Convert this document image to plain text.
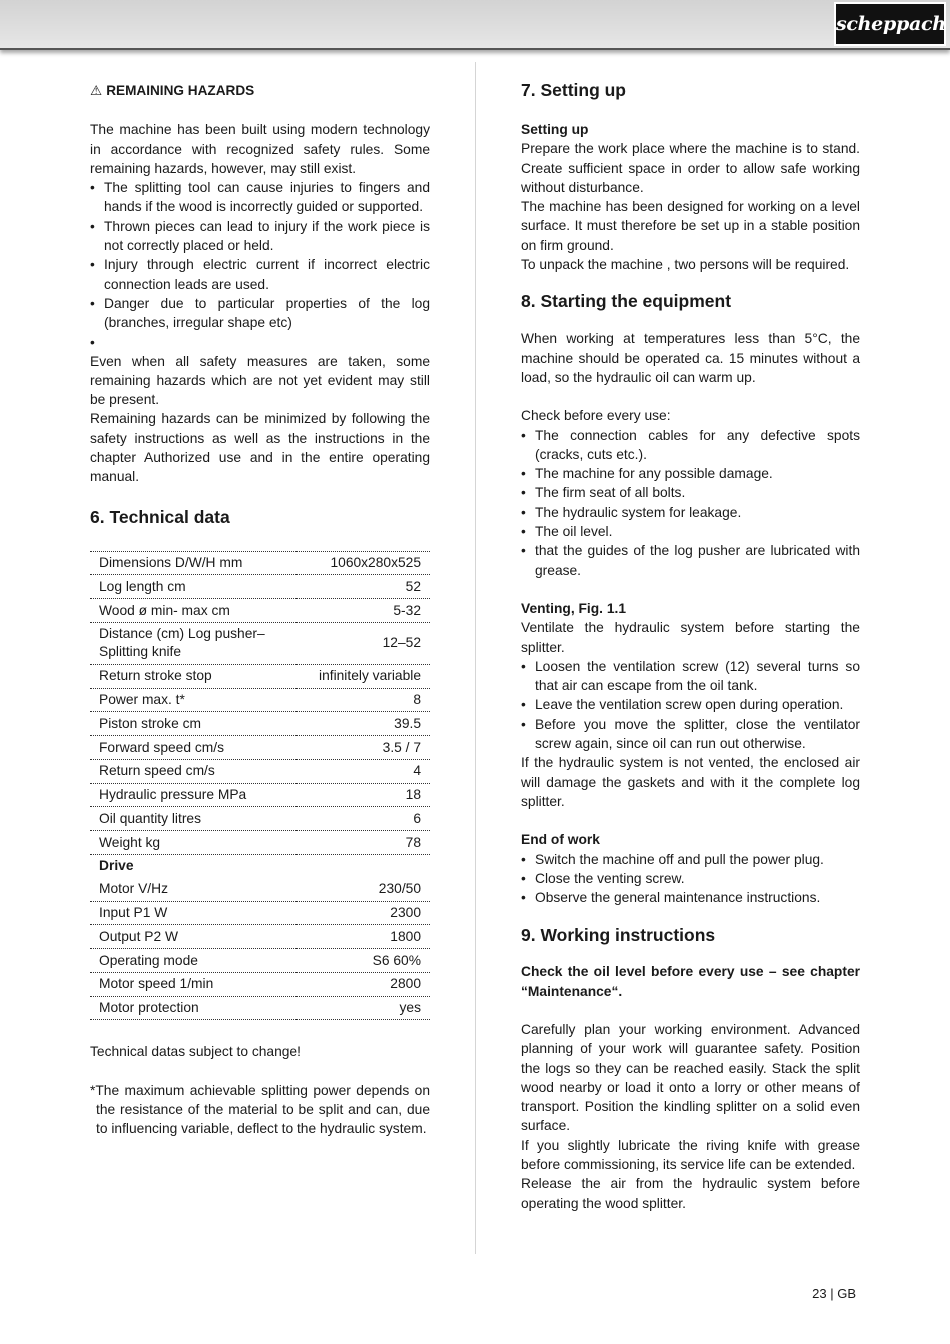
scheppach

⚠ REMAINING HAZARDS

The machine has been built using modern technology in accordance with recognized safety rules. Some remaining hazards, however, may still exist.

• The splitting tool can cause injuries to fingers and hands if the wood is incorrectly guided or supported.
• Thrown pieces can lead to injury if the work piece is not correctly placed or held.
• Injury through electric current if incorrect electric connection leads are used.
• Danger due to particular properties of the log (branches, irregular shape etc)
•

Even when all safety measures are taken, some remaining hazards which are not yet evident may still be present.

Remaining hazards can be minimized by following the safety instructions as well as the instructions in the chapter Authorized use and in the entire operating manual.

6. Technical data

Dimensions D/W/H mm	1060x280x525
Log length cm	52
Wood ø min- max cm	5-32
Distance (cm) Log pusher–
Splitting knife	12–52
Return stroke stop	infinitely variable
Power max. t*	8
Piston stroke cm	39.5
Forward speed cm/s	3.5 / 7
Return speed cm/s	4
Hydraulic pressure MPa	18
Oil quantity litres	6
Weight kg	78
Drive	
Motor V/Hz	230/50
Input P1 W	2300
Output P2 W	1800
Operating mode	S6 60%
Motor speed 1/min	2800
Motor protection	yes

Technical datas subject to change!

*The maximum achievable splitting power depends on the resistance of the material to be split and can, due to influencing variable, deflect to the hydraulic system.

7. Setting up

Setting up

Prepare the work place where the machine is to stand. Create sufficient space in order to allow safe working without disturbance.

The machine has been designed for working on a level surface. It must therefore be set up in a stable position on firm ground.

To unpack the machine , two persons will be required.

8. Starting the equipment

When working at temperatures less than 5°C, the machine should be operated ca. 15 minutes without a load, so the hydraulic oil can warm up.

Check before every use:

• The connection cables for any defective spots (cracks, cuts etc.).
• The machine for any possible damage.
• The firm seat of all bolts.
• The hydraulic system for leakage.
• The oil level.
• that the guides of the log pusher are lubricated with grease.

Venting, Fig. 1.1

Ventilate the hydraulic system before starting the splitter.

• Loosen the ventilation screw (12) several turns so that air can escape from the oil tank.
• Leave the ventilation screw open during operation.
• Before you move the splitter, close the ventilator screw again, since oil can run out otherwise.

If the hydraulic system is not vented, the enclosed air will damage the gaskets and with it the complete log splitter.

End of work

• Switch the machine off and pull the power plug.
• Close the venting screw.
• Observe the general maintenance instructions.

9. Working instructions

Check the oil level before every use – see chapter “Maintenance“.

Carefully plan your working environment. Advanced planning of your work will guarantee safety. Position the logs so they can be reached easily. Stack the split wood nearby or load it onto a lorry or other means of transport. Position the kindling splitter on a solid even surface.

If you slightly lubricate the riving knife with grease before commissioning, its service life can be extended.

Release the air from the hydraulic system before operating the wood splitter.

23 | GB
